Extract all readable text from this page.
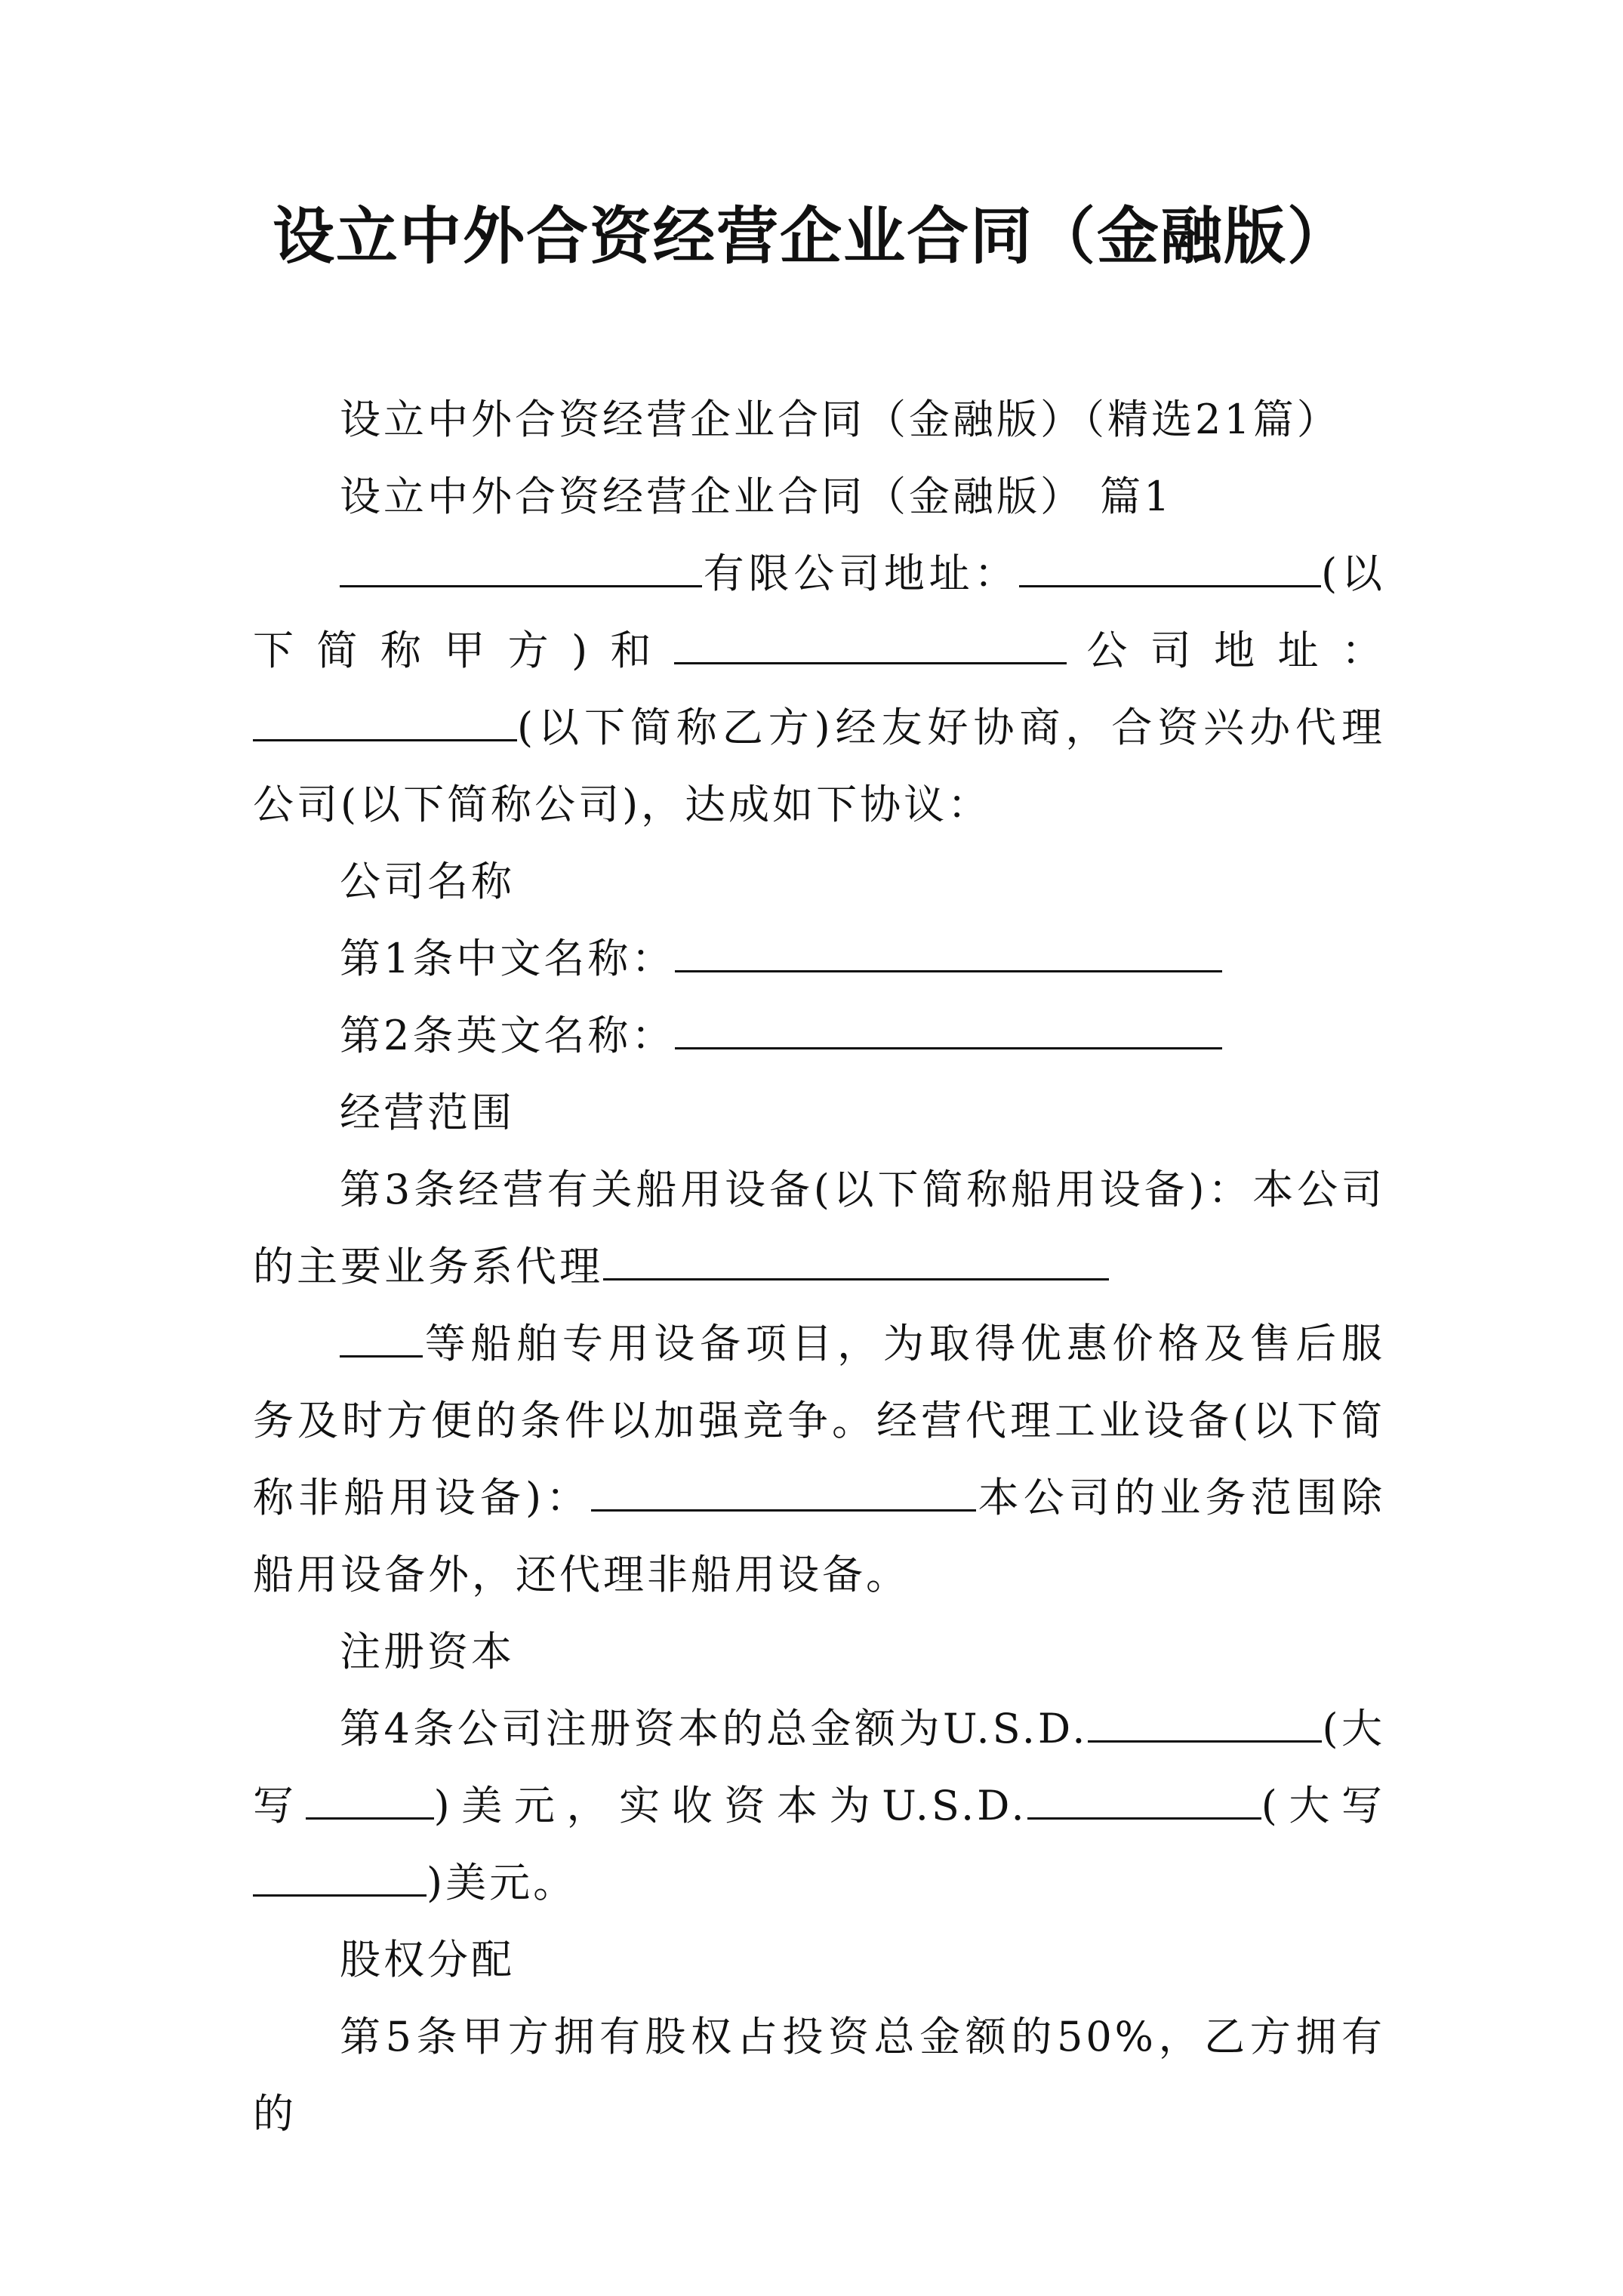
设立中外合资经营企业合同（金融版）

设立中外合资经营企业合同（金融版）（精选21篇）

设立中外合资经营企业合同（金融版） 篇1

有限公司地址：	(以下简称甲方)和	公司地址：(以下简称乙方)经友好协商，合资兴办代理公司(以下简称公司)，达成如下协议：

公司名称

第1条中文名称：

第2条英文名称：

经营范围

第3条经营有关船用设备(以下简称船用设备)：本公司的主要业务系代理

等船舶专用设备项目，为取得优惠价格及售后服务及时方便的条件以加强竞争。经营代理工业设备(以下简称非船用设备)：	本公司的业务范围除船用设备外，还代理非船用设备。

注册资本

第4条公司注册资本的总金额为U.S.D.	(大写	)美元，实收资本为U.S.D.	(大写)美元。

股权分配

第5条甲方拥有股权占投资总金额的50%，乙方拥有的
